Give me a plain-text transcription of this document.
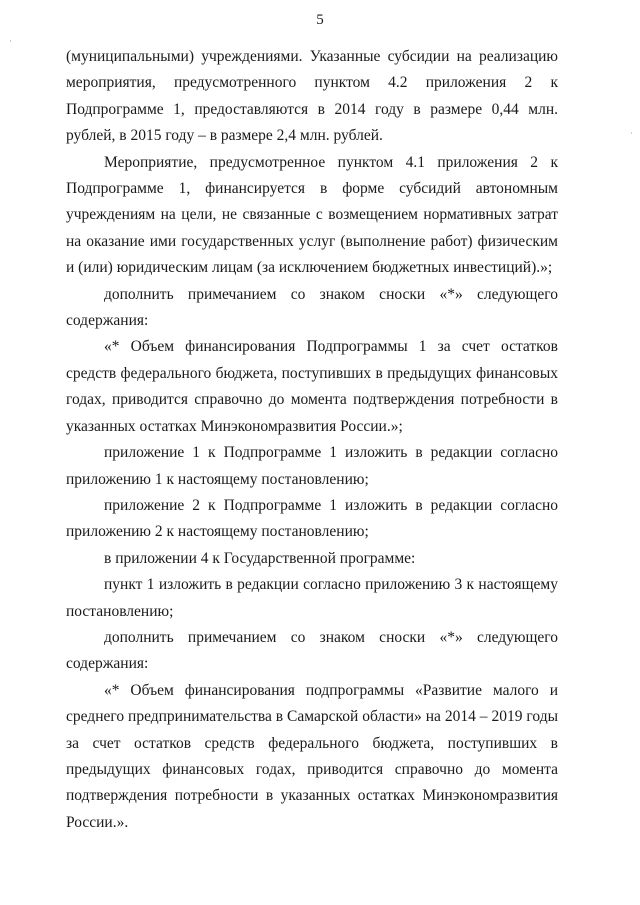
5

(муниципальными) учреждениями. Указанные субсидии на реализацию мероприятия, предусмотренного пунктом 4.2 приложения 2 к Подпрограмме 1, предоставляются в 2014 году в размере 0,44 млн. рублей, в 2015 году – в размере 2,4 млн. рублей.

Мероприятие, предусмотренное пунктом 4.1 приложения 2 к Подпрограмме 1, финансируется в форме субсидий автономным учреждениям на цели, не связанные с возмещением нормативных затрат на оказание ими государственных услуг (выполнение работ) физическим и (или) юридическим лицам (за исключением бюджетных инвестиций).»;

дополнить примечанием со знаком сноски «*» следующего содержания:

«* Объем финансирования Подпрограммы 1 за счет остатков средств федерального бюджета, поступивших в предыдущих финансовых годах, приводится справочно до момента подтверждения потребности в указанных остатках Минэкономразвития России.»;

приложение 1 к Подпрограмме 1 изложить в редакции согласно приложению 1 к настоящему постановлению;

приложение 2 к Подпрограмме 1 изложить в редакции согласно приложению 2 к настоящему постановлению;

в приложении 4 к Государственной программе:

пункт 1 изложить в редакции согласно приложению 3 к настоящему постановлению;

дополнить примечанием со знаком сноски «*» следующего содержания:

«* Объем финансирования подпрограммы «Развитие малого и среднего предпринимательства в Самарской области» на 2014 – 2019 годы за счет остатков средств федерального бюджета, поступивших в предыдущих финансовых годах, приводится справочно до момента подтверждения потребности в указанных остатках Минэкономразвития России.».
